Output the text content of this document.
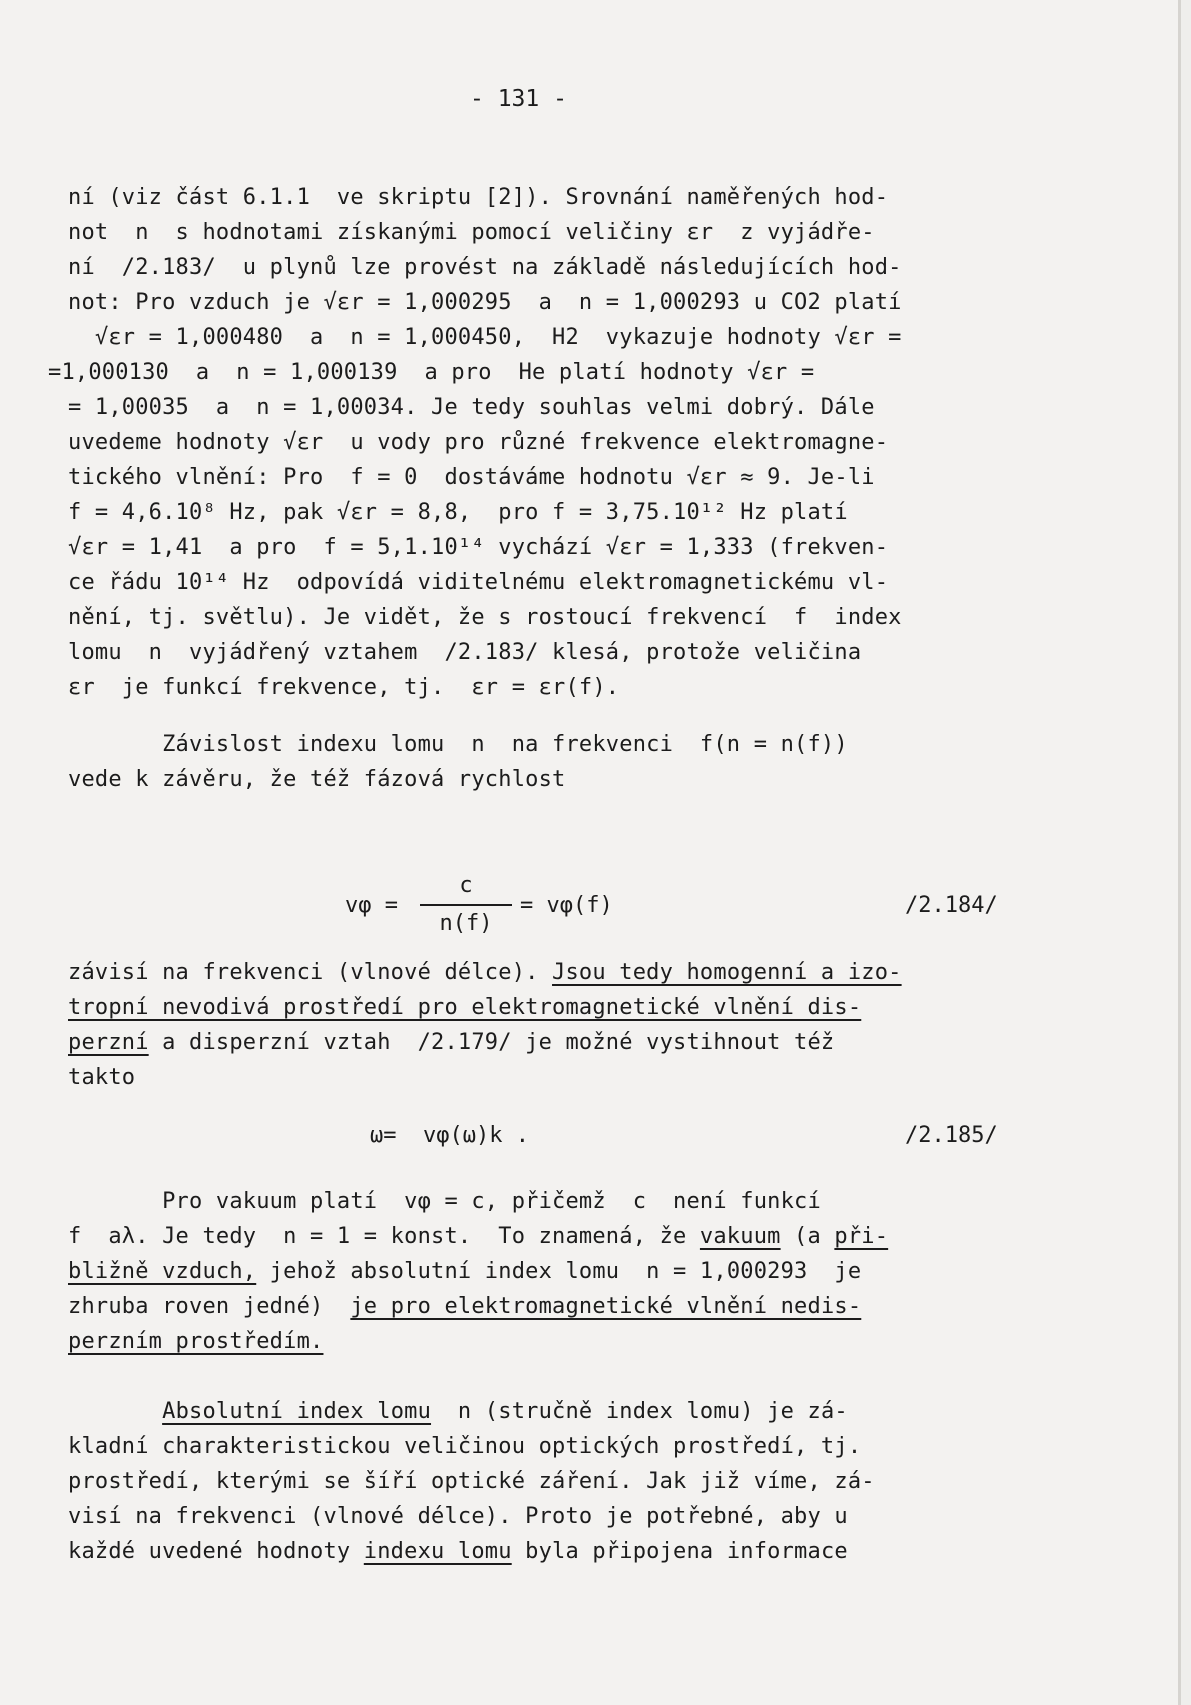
- 131 -
ní (viz část 6.1.1  ve skriptu [2]). Srovnání naměřených hod-
not  n  s hodnotami získanými pomocí veličiny εr  z vyjádře-
ní  /2.183/  u plynů lze provést na základě následujících hod-
not: Pro vzduch je √εr = 1,000295  a  n = 1,000293 u CO2 platí
√εr = 1,000480  a  n = 1,000450,  H2  vykazuje hodnoty √εr =
=1,000130  a  n = 1,000139  a pro  He platí hodnoty √εr =
= 1,00035  a  n = 1,00034. Je tedy souhlas velmi dobrý. Dále
uvedeme hodnoty √εr  u vody pro různé frekvence elektromagne-
tického vlnění: Pro  f = 0  dostáváme hodnotu √εr ≈ 9. Je-li
f = 4,6.10⁸ Hz, pak √εr = 8,8,  pro f = 3,75.10¹² Hz platí
√εr = 1,41  a pro  f = 5,1.10¹⁴ vychází √εr = 1,333 (frekven-
ce řádu 10¹⁴ Hz  odpovídá viditelnému elektromagnetickému vl-
nění, tj. světlu). Je vidět, že s rostoucí frekvencí  f  index
lomu  n  vyjádřený vztahem  /2.183/ klesá, protože veličina
εr  je funkcí frekvence, tj.  εr = εr(f).
Závislost indexu lomu  n  na frekvenci  f(n = n(f))
vede k závěru, že též fázová rychlost
vφ =
c
n(f)
= vφ(f)	/2.184/
závisí na frekvenci (vlnové délce). Jsou tedy homogenní a izo-
tropní nevodivá prostředí pro elektromagnetické vlnění dis-
perzní a disperzní vztah  /2.179/ je možné vystihnout též
takto
ω=  vφ(ω)k .	/2.185/
Pro vakuum platí  vφ = c, přičemž  c  není funkcí
f  aλ. Je tedy  n = 1 = konst.  To znamená, že vakuum (a při-
bližně vzduch, jehož absolutní index lomu  n = 1,000293  je
zhruba roven jedné)  je pro elektromagnetické vlnění nedis-
perzním prostředím.
Absolutní index lomu  n (stručně index lomu) je zá-
kladní charakteristickou veličinou optických prostředí, tj.
prostředí, kterými se šíří optické záření. Jak již víme, zá-
visí na frekvenci (vlnové délce). Proto je potřebné, aby u
každé uvedené hodnoty indexu lomu byla připojena informace
